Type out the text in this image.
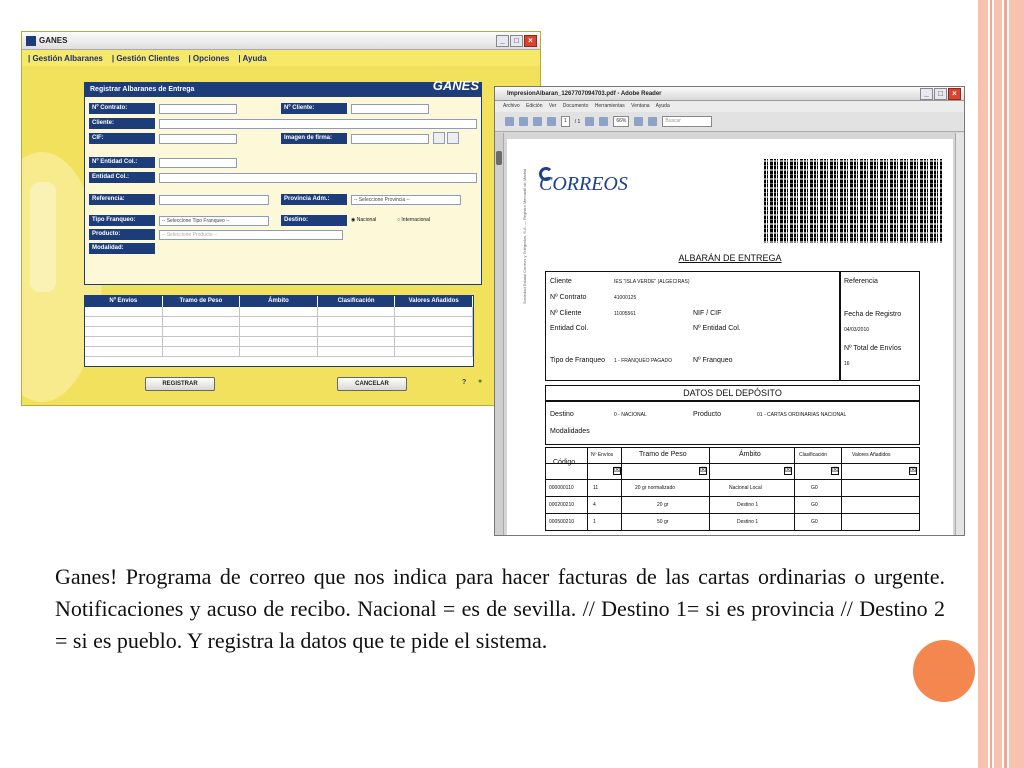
GANES	_	□	×
| Gestión Albaranes | Gestión Clientes | Opciones | Ayuda
Registrar Albaranes de Entrega	GANES
Nº Contrato:	Nº Cliente:
Cliente:
CIF:	Imagen de firma:
Nº Entidad Col.:
Entidad Col.:
Referencia:	Provincia Adm.:	-- Seleccione Provincia --
Tipo Franqueo:	-- Seleccione Tipo Franqueo --	Destino:	◉ Nacional	○ Internacional
Producto:	-- Seleccione Producto --
Modalidad:
Nº Envíos	Tramo de Peso	Ámbito	Clasificación	Valores Añadidos
REGISTRAR	CANCELAR	? ●
ImpresionAlbaran_1267707094703.pdf - Adobe Reader	_	□	×
Archivo Edición Ver Documento Herramientas Ventana Ayuda
1	/ 1	66%	Buscar
CORREOS
ALBARÁN DE ENTREGA
Sociedad Estatal Correos y Telégrafos, S.A. — Registro Mercantil de Madrid	Cliente	IES "ISLA VERDE" (ALGECIRAS)
Nº Contrato	41000125
Nº Cliente	11005561	NIF / CIF
Entidad Col.	Nº Entidad Col.
Tipo de Franqueo 1 - FRANQUEO PAGADO	Nº Franqueo
Referencia
Fecha de Registro
04/03/2010
Nº Total de Envíos
16
DATOS DEL DEPÓSITO
Destino	0 - NACIONAL	Producto	01 - CARTAS ORDINARIAS NACIONAL
Modalidades
Código
Nº Envíos	Tramo de Peso	Ámbito	Clasificación	Valores Añadidos
☒	☒	☒	☒	☒
000000110	11	20 gr normalizado	Nacional Local	G0
000200210	4	20 gr	Destino 1	G0
000500210	1	50 gr	Destino 1	G0

Ganes! Programa de correo que nos indica para hacer facturas de las cartas ordinarias o urgente. Notificaciones y acuso de recibo. Nacional = es de sevilla. // Destino 1= si es provincia // Destino 2 = si es pueblo. Y registra la datos que te pide el sistema.
